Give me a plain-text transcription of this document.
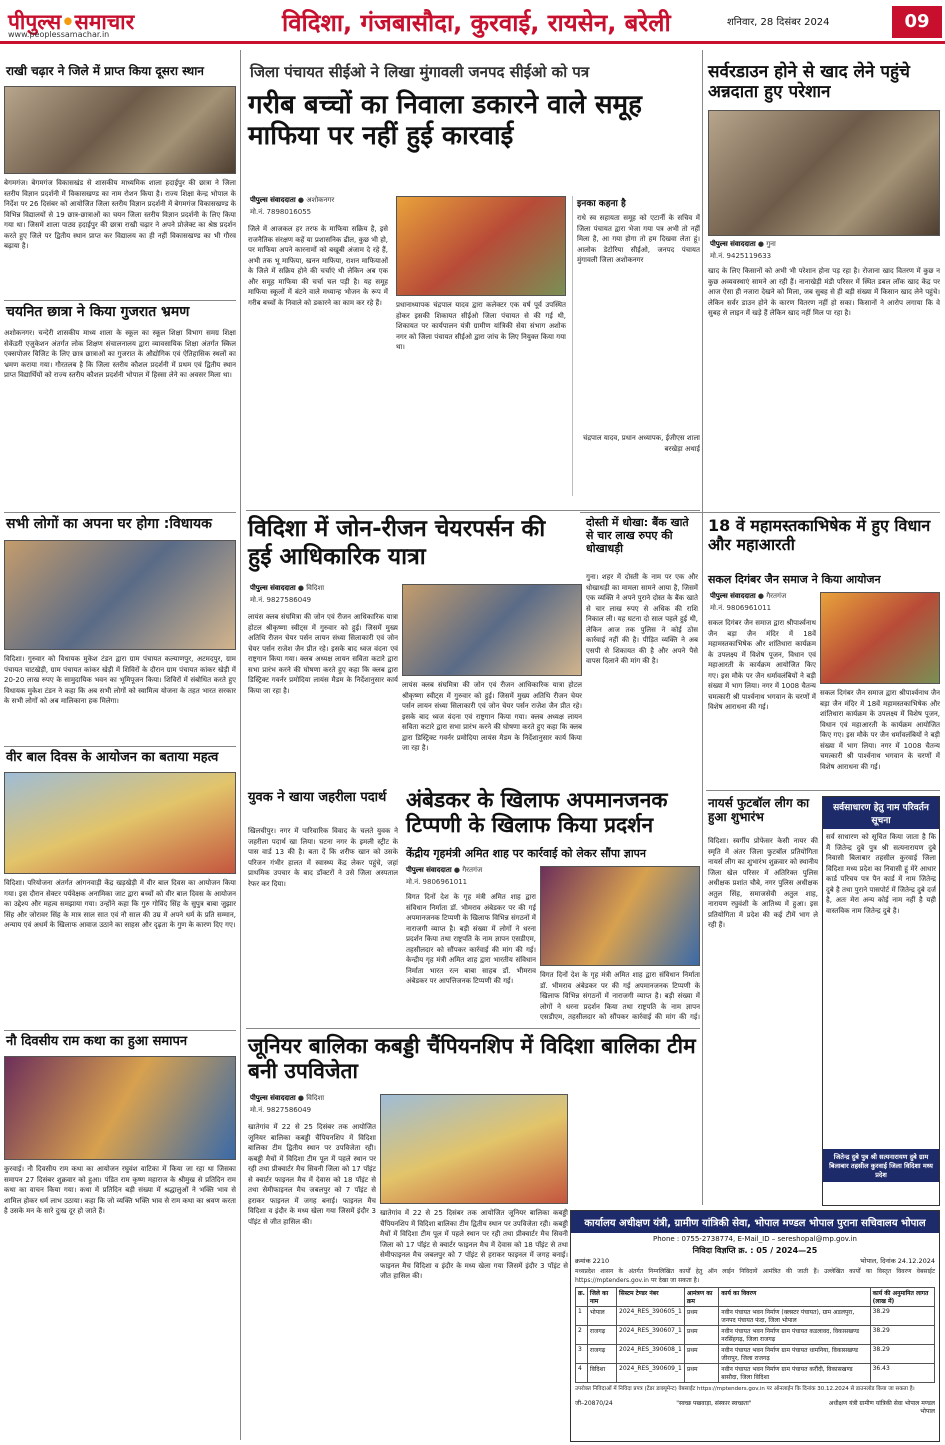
पीपुल्स•समाचार
www.peoplessamachar.in	विदिशा, गंजबासौदा, कुरवाई, रायसेन, बरेली	शनिवार, 28 दिसंबर 2024	09
राखी चढ़ार ने जिले में प्राप्त किया दूसरा स्थान
बेगमगंज। बेगमगंज विकासखंड से शासकीय माध्यमिक शाला हदाईपुर की छात्रा ने जिला स्तरीय विज्ञान प्रदर्शनी में विकासखण्ड का नाम रोशन किया है। राज्य शिक्षा केन्द्र भोपाल के निर्देश पर 26 दिसंबर को आयोजित जिला स्तरीय विज्ञान प्रदर्शनी में बेगमगंज विकासखण्ड के विभिन्न विद्यालयों से 19 छात्र-छात्राओं का चयन जिला स्तरीय विज्ञान प्रदर्शनी के लिए किया गया था। जिसमें शाला पाठ्य हदाईपुर की छात्रा राखी चढ़ार ने अपने प्रोजेक्ट का श्रेष्ठ प्रदर्शन करते हुए जिले पर द्वितीय स्थान प्राप्त कर विद्यालय का ही नहीं विकासखण्ड का भी गौरव बढ़ाया है।
चयनित छात्रा ने किया गुजरात भ्रमण
अशोकनगर। चन्देरी शासकीय माध्य शाला के स्कूल का स्कूल शिक्षा विभाग समग्र शिक्षा सेकेंडरी एजुकेशन अंतर्गत लोक शिक्षण संचालनालय द्वारा व्यावसायिक शिक्षा अंतर्गत स्किल एक्सपोजर विजिट के लिए छात्र छात्राओं का गुजरात के औद्योगिक एवं ऐतिहासिक स्थलों का भ्रमण कराया गया। गौरतलब है कि जिला स्तरीय कौशल प्रदर्शनी में प्रथम एवं द्वितीय स्थान प्राप्त विद्यार्थियों को राज्य स्तरीय कौशल प्रदर्शनी भोपाल में हिस्सा लेने का अवसर मिला था।
सभी लोगों का अपना घर होगा :विधायक
विदिशा। गुरुवार को विधायक मुकेश टंडन द्वारा ग्राम पंचायत कल्याणपुर, अटमदपुर, ग्राम पंचायत चाटखेड़ी, ग्राम पंचायत कांकर खेड़ी में शिविरों के दौरान ग्राम पंचायत कांकर खेड़ी में 20-20 लाख रुपए के सामुदायिक भवन का भूमिपूजन किया। शिविरों में संबोधित करते हुए विधायक मुकेश टंडन ने कहा कि अब सभी लोगों को स्वामित्व योजना के तहत भारत सरकार के सभी लोगों को अब मालिकाना हक मिलेगा।
वीर बाल दिवस के आयोजन का बताया महत्व
विदिशा। परियोजना अंतर्गत आंगनवाड़ी केंद्र खड़खेड़ी में वीर बाल दिवस का आयोजन किया गया। इस दौरान सेक्टर पर्यवेक्षक अनामिका जाट द्वारा बच्चों को वीर बाल दिवस के आयोजन का उद्देश्य और महत्व समझाया गया। उन्होंने कहा कि गुरु गोविंद सिंह के सुपुत्र बाबा जुझार सिंह और जोरावर सिंह के मात्र साल सात एवं नौ साल की उम्र में अपने धर्म के प्रति सम्मान, अन्याय एवं अधर्म के खिलाफ आवाज उठाने का साहस और दृढ़ता के गुण के कारण दिए गए।
नौ दिवसीय राम कथा का हुआ समापन
कुरवाई। नौ दिवसीय राम कथा का आयोजन रघुवंश वाटिका में किया जा रहा था जिसका समापन 27 दिसंबर शुक्रवार को हुआ। पंडित राम कृष्ण महाराज के श्रीमुख से प्रतिदिन राम कथा का वाचन किया गया। कथा में प्रतिदिन बड़ी संख्या में श्रद्धालुओं ने भक्ति भाव से शामिल होकर धर्म लाभ उठाया। कहा कि जो व्यक्ति भक्ति भाव से राम कथा का श्रवण करता है उसके मन के सारे दुःख दूर हो जाते हैं।
जिला पंचायत सीईओ ने लिखा मुंगावली जनपद सीईओ को पत्र
गरीब बच्चों का निवाला डकारने वाले समूह माफिया पर नहीं हुई कारवाई
पीपुल्स संवाददाता ● अशोकनगर
मो.नं. 7898016055
जिले में आजकल हर तरफ के माफिया सक्रिय है, इसे राजनैतिक संरक्षण कहें या प्रशासनिक ढील, कुछ भी हो, पर माफिया अपने कारनामों को बखूबी अंजाम दे रहे हैं, अभी तक भू माफिया, खनन माफिया, राशन माफियाओं के जिले में सक्रिय होने की चर्चाएं थी लेकिन अब एक और समूह माफिया की चर्चा चल पड़ी है। यह समूह माफिया स्कूलों में बंटने वाले मध्यान्ह भोजन के रूप में गरीब बच्चों के निवाले को डकारने का काम कर रहे हैं।	प्रधानाध्यापक चंद्रपाल यादव द्वारा कलेक्टर एक वर्ष पूर्व उपस्थित होकर इसकी शिकायत सीईओ जिला पंचायत से की गई थी, शिकायत पर कार्यपालन यंत्री ग्रामीण यांत्रिकी सेवा संभाग अशोक नगर को जिला पंचायत सीईओ द्वारा जांच के लिए नियुक्त किया गया था।
इनका कहना है
राधे स्व सहायता समूह को एटार्नी के सचिव में जिला पंचायत द्वारा भेजा गया पत्र अभी तो नहीं मिला है, आ गया होगा तो हम दिखवा लेता हूं। आलोक डेटोरिया सीईओ, जनपद पंचायत मुंगावली जिला अशोकनगर
चंद्रपाल यादव, प्रधान अध्यापक, ईजीएस शाला बरखेड़ा अथाई
विदिशा में जोन-रीजन चेयरपर्सन की हुई आधिकारिक यात्रा
पीपुल्स संवाददाता ● विदिशा
मो.नं. 9827586049
लायंस क्लब संघमित्रा की जोन एवं रीजन आधिकारिक यात्रा होटल श्रीकृष्णा स्वीट्स में गुरुवार को हुई। जिसमें मुख्य अतिथि रीजन चेयर पर्सन लायन संध्या सिलाकारी एवं जोन चेयर पर्सन राजेश जैन प्रीत रहे। इसके बाद ध्वज वंदना एवं राष्ट्रगान किया गया। क्लब अध्यक्ष लायन सविता कटारे द्वारा सभा प्रारंभ करने की घोषणा करते हुए कहा कि क्लब द्वारा डिस्ट्रिक्ट गवर्नर प्रमोदिया लायंस मैडम के निर्देशानुसार कार्य किया जा रहा है।
लायंस क्लब संघमित्रा की जोन एवं रीजन आधिकारिक यात्रा होटल श्रीकृष्णा स्वीट्स में गुरुवार को हुई। जिसमें मुख्य अतिथि रीजन चेयर पर्सन लायन संध्या सिलाकारी एवं जोन चेयर पर्सन राजेश जैन प्रीत रहे। इसके बाद ध्वज वंदना एवं राष्ट्रगान किया गया। क्लब अध्यक्ष लायन सविता कटारे द्वारा सभा प्रारंभ करने की घोषणा करते हुए कहा कि क्लब द्वारा डिस्ट्रिक्ट गवर्नर प्रमोदिया लायंस मैडम के निर्देशानुसार कार्य किया जा रहा है।
युवक ने खाया जहरीला पदार्थ
खिलचीपुर। नगर में पारिवारिक विवाद के चलते युवक ने जहरीला पदार्थ खा लिया। घटना नगर के इमली स्ट्रीट के पास वार्ड 13 की है। बता दें कि शरीफ खान को उसके परिजन गंभीर हालत में स्वास्थ्य केंद्र लेकर पहुंचे, जहां प्राथमिक उपचार के बाद डॉक्टरों ने उसे जिला अस्पताल रेफर कर दिया।
अंबेडकर के खिलाफ अपमानजनक टिप्पणी के खिलाफ किया प्रदर्शन
केंद्रीय गृहमंत्री अमित शाह पर कार्रवाई को लेकर सौंपा ज्ञापन
पीपुल्स संवाददाता ● गैरतगंज
मो.नं. 9806961011
विगत दिनों देश के गृह मंत्री अमित शाह द्वारा संविधान निर्माता डॉ. भीमराव अंबेडकर पर की गई अपमानजनक टिप्पणी के खिलाफ विभिन्न संगठनों में नाराजगी व्याप्त है। बड़ी संख्या में लोगों ने धरना प्रदर्शन किया तथा राष्ट्रपति के नाम ज्ञापन एसडीएम, तहसीलदार को सौंपकर कार्रवाई की मांग की गई। केन्द्रीय गृह मंत्री अमित शाह द्वारा भारतीय संविधान निर्माता भारत रत्न बाबा साहब डॉ. भीमराव अंबेडकर पर आपत्तिजनक टिप्पणी की गई।
विगत दिनों देश के गृह मंत्री अमित शाह द्वारा संविधान निर्माता डॉ. भीमराव अंबेडकर पर की गई अपमानजनक टिप्पणी के खिलाफ विभिन्न संगठनों में नाराजगी व्याप्त है। बड़ी संख्या में लोगों ने धरना प्रदर्शन किया तथा राष्ट्रपति के नाम ज्ञापन एसडीएम, तहसीलदार को सौंपकर कार्रवाई की मांग की गई।
जूनियर बालिका कबड्डी चैंपियनशिप में विदिशा बालिका टीम बनी उपविजेता
पीपुल्स संवाददाता ● विदिशा
मो.नं. 9827586049
खातेगांव में 22 से 25 दिसंबर तक आयोजित जूनियर बालिका कबड्डी चैंपियनशिप में विदिशा बालिका टीम द्वितीय स्थान पर उपविजेता रही। कबड्डी मैचों में विदिशा टीम पूल में पहले स्थान पर रही तथा प्रीक्वार्टर मैच सिवनी जिला को 17 पॉइंट से क्वार्टर फाइनल मैच में देवास को 18 पॉइंट से तथा सेमीफाइनल मैच जबलपुर को 7 पॉइंट से हराकर फाइनल में जगह बनाई। फाइनल मैच विदिशा व इंदौर के मध्य खेला गया जिसमें इंदौर 3 पॉइंट से जीत हासिल की।
खातेगांव में 22 से 25 दिसंबर तक आयोजित जूनियर बालिका कबड्डी चैंपियनशिप में विदिशा बालिका टीम द्वितीय स्थान पर उपविजेता रही। कबड्डी मैचों में विदिशा टीम पूल में पहले स्थान पर रही तथा प्रीक्वार्टर मैच सिवनी जिला को 17 पॉइंट से क्वार्टर फाइनल मैच में देवास को 18 पॉइंट से तथा सेमीफाइनल मैच जबलपुर को 7 पॉइंट से हराकर फाइनल में जगह बनाई। फाइनल मैच विदिशा व इंदौर के मध्य खेला गया जिसमें इंदौर 3 पॉइंट से जीत हासिल की।
सर्वरडाउन होने से खाद लेने पहुंचे अन्नदाता हुए परेशान
पीपुल्स संवाददाता ● गुना
मो.नं. 9425119633
खाद के लिए किसानों को अभी भी परेशान होना पड़ रहा है। रोजाना खाद वितरण में कुछ न कुछ अव्यवस्थाएं सामने आ रही हैं। नानाखेड़ी मंडी परिसर में स्थित डबल लॉक खाद केंद्र पर आज ऐसा ही नजारा देखने को मिला, जब सुबह से ही बड़ी संख्या में किसान खाद लेने पहुंचे। लेकिन सर्वर डाउन होने के कारण वितरण नहीं हो सका। किसानों ने आरोप लगाया कि वे सुबह से लाइन में खड़े हैं लेकिन खाद नहीं मिल पा रहा है।
दोस्ती में धोखा: बैंक खाते से चार लाख रुपए की धोखाधड़ी
गुना। शहर में दोस्ती के नाम पर एक और धोखाधड़ी का मामला सामने आया है, जिसमें एक व्यक्ति ने अपने पुराने दोस्त के बैंक खाते से चार लाख रुपए से अधिक की राशि निकाल ली। यह घटना दो साल पहले हुई थी, लेकिन आज तक पुलिस ने कोई ठोस कार्रवाई नहीं की है। पीड़ित व्यक्ति ने अब एसपी से शिकायत की है और अपने पैसे वापस दिलाने की मांग की है।
18 वें महामस्तकाभिषेक में हुए विधान और महाआरती
सकल दिगंबर जैन समाज ने किया आयोजन
पीपुल्स संवाददाता ● गैरतगंज
मो.नं. 9806961011
सकल दिगंबर जैन समाज द्वारा श्रीपार्श्वनाथ जैन बड़ा जैन मंदिर में 18वें महामस्तकाभिषेक और शांतिधारा कार्यक्रम के उपलक्ष्य में विशेष पूजन, विधान एवं महाआरती के कार्यक्रम आयोजित किए गए। इस मौके पर जैन धर्मावलंबियों ने बड़ी संख्या में भाग लिया। नगर में 1008 चैतन्य चमत्कारी श्री पार्श्वनाथ भगवान के चरणों में विशेष आराधना की गई।
सकल दिगंबर जैन समाज द्वारा श्रीपार्श्वनाथ जैन बड़ा जैन मंदिर में 18वें महामस्तकाभिषेक और शांतिधारा कार्यक्रम के उपलक्ष्य में विशेष पूजन, विधान एवं महाआरती के कार्यक्रम आयोजित किए गए। इस मौके पर जैन धर्मावलंबियों ने बड़ी संख्या में भाग लिया। नगर में 1008 चैतन्य चमत्कारी श्री पार्श्वनाथ भगवान के चरणों में विशेष आराधना की गई।
नायर्स फुटबॉल लीग का हुआ शुभारंभ
विदिशा। स्वर्गीय प्रोफेसर केसी नायर की स्मृति में अंतर जिला फुटबॉल प्रतियोगिता नायर्स लीग का शुभारंभ शुक्रवार को स्थानीय जिला खेल परिसर में अतिरिक्त पुलिस अधीक्षक प्रशांत चौबे, नगर पुलिस अधीक्षक अतुल सिंह, समाजसेवी अतुल शाह, नारायण रघुवंशी के आतिथ्य में हुआ। इस प्रतियोगिता में प्रदेश की कई टीमें भाग ले रही हैं।
सर्वसाधारण हेतु नाम परिवर्तन सूचना
सर्व साधारण को सूचित किया जाता है कि मैं जितेन्द्र दुबे पुत्र श्री सत्यनारायण दुबे निवासी बिलाबार तहसील कुरवाई जिला विदिशा मध्य प्रदेश का निवासी हूं मेरे आधार कार्ड परिचय पत्र पैन कार्ड में नाम जितेन्द्र दुबे है तथा पुराने पासपोर्ट में जितेन्द्र दुबे दर्ज है, अतः मेरा अन्य कोई नाम नहीं है यही वास्तविक नाम जितेन्द्र दुबे है।
जितेन्द्र दुबे पुत्र श्री सत्यनारायण दुबे ग्राम बिलाबार तहसील कुरवाई जिला विदिशा मध्य प्रदेश
कार्यालय अधीक्षण यंत्री, ग्रामीण यांत्रिकी सेवा, भोपाल मण्डल भोपाल पुराना सचिवालय भोपाल
Phone : 0755-2738774, E-Mail_ID – sereshopal@mp.gov.in
निविदा विज्ञप्ति क्र. : 05 / 2024—25
क्रमांक 2210	भोपाल, दिनांक 24.12.2024
मध्यप्रदेश शासन के अंतर्गत निम्नलिखित कार्यों हेतु ऑन लाईन निविदायें आमंत्रित की जाती हैं। उल्लेखित कार्यों का विस्तृत विवरण वेबसाईट https://mptenders.gov.in पर देखा जा सकता है।
क्र.	जिले का नाम	सिस्टम टेण्डर नंबर	आमंत्रण का क्रम	कार्य का विवरण	कार्य की अनुमानित लागत (लाख में)
1	भोपाल	2024_RES_390605_1	प्रथम	नवीन पंचायत भवन निर्माण (क्लस्टर पंचायत), ग्राम अडलपुरा, जनपद पंचायत फंदा, जिला भोपाल	38.29
2	राजगढ़	2024_RES_390607_1	प्रथम	नवीन पंचायत भवन निर्माण ग्राम पंचायत कडलावद, विकासखण्ड नरसिंहगढ़, जिला राजगढ़	38.29
3	राजगढ़	2024_RES_390608_1	प्रथम	नवीन पंचायत भवन निर्माण ग्राम पंचायत धामनिया, विकासखण्ड जीरापुर, जिला राजगढ़	38.29
4	विदिशा	2024_RES_390609_1	प्रथम	नवीन पंचायत भवन निर्माण ग्राम पंचायत करौंदी, विकासखण्ड बासौदा, जिला विदिशा	36.43
उपरोक्त निविदाओं में निविदा प्रपत्र (टेंडर डाक्यूमेन्ट) वेबसाईट https://mptenders.gov.in पर ऑनलाईन कि दिनांक 30.12.2024 से डाउनलोड किया जा सकता है।
जी–20870/24	"स्वच्छ पखवाड़ा, संस्कार स्वच्छता"	अधीक्षण यंत्री ग्रामीण यांत्रिकी सेवा भोपाल मण्डल भोपाल
